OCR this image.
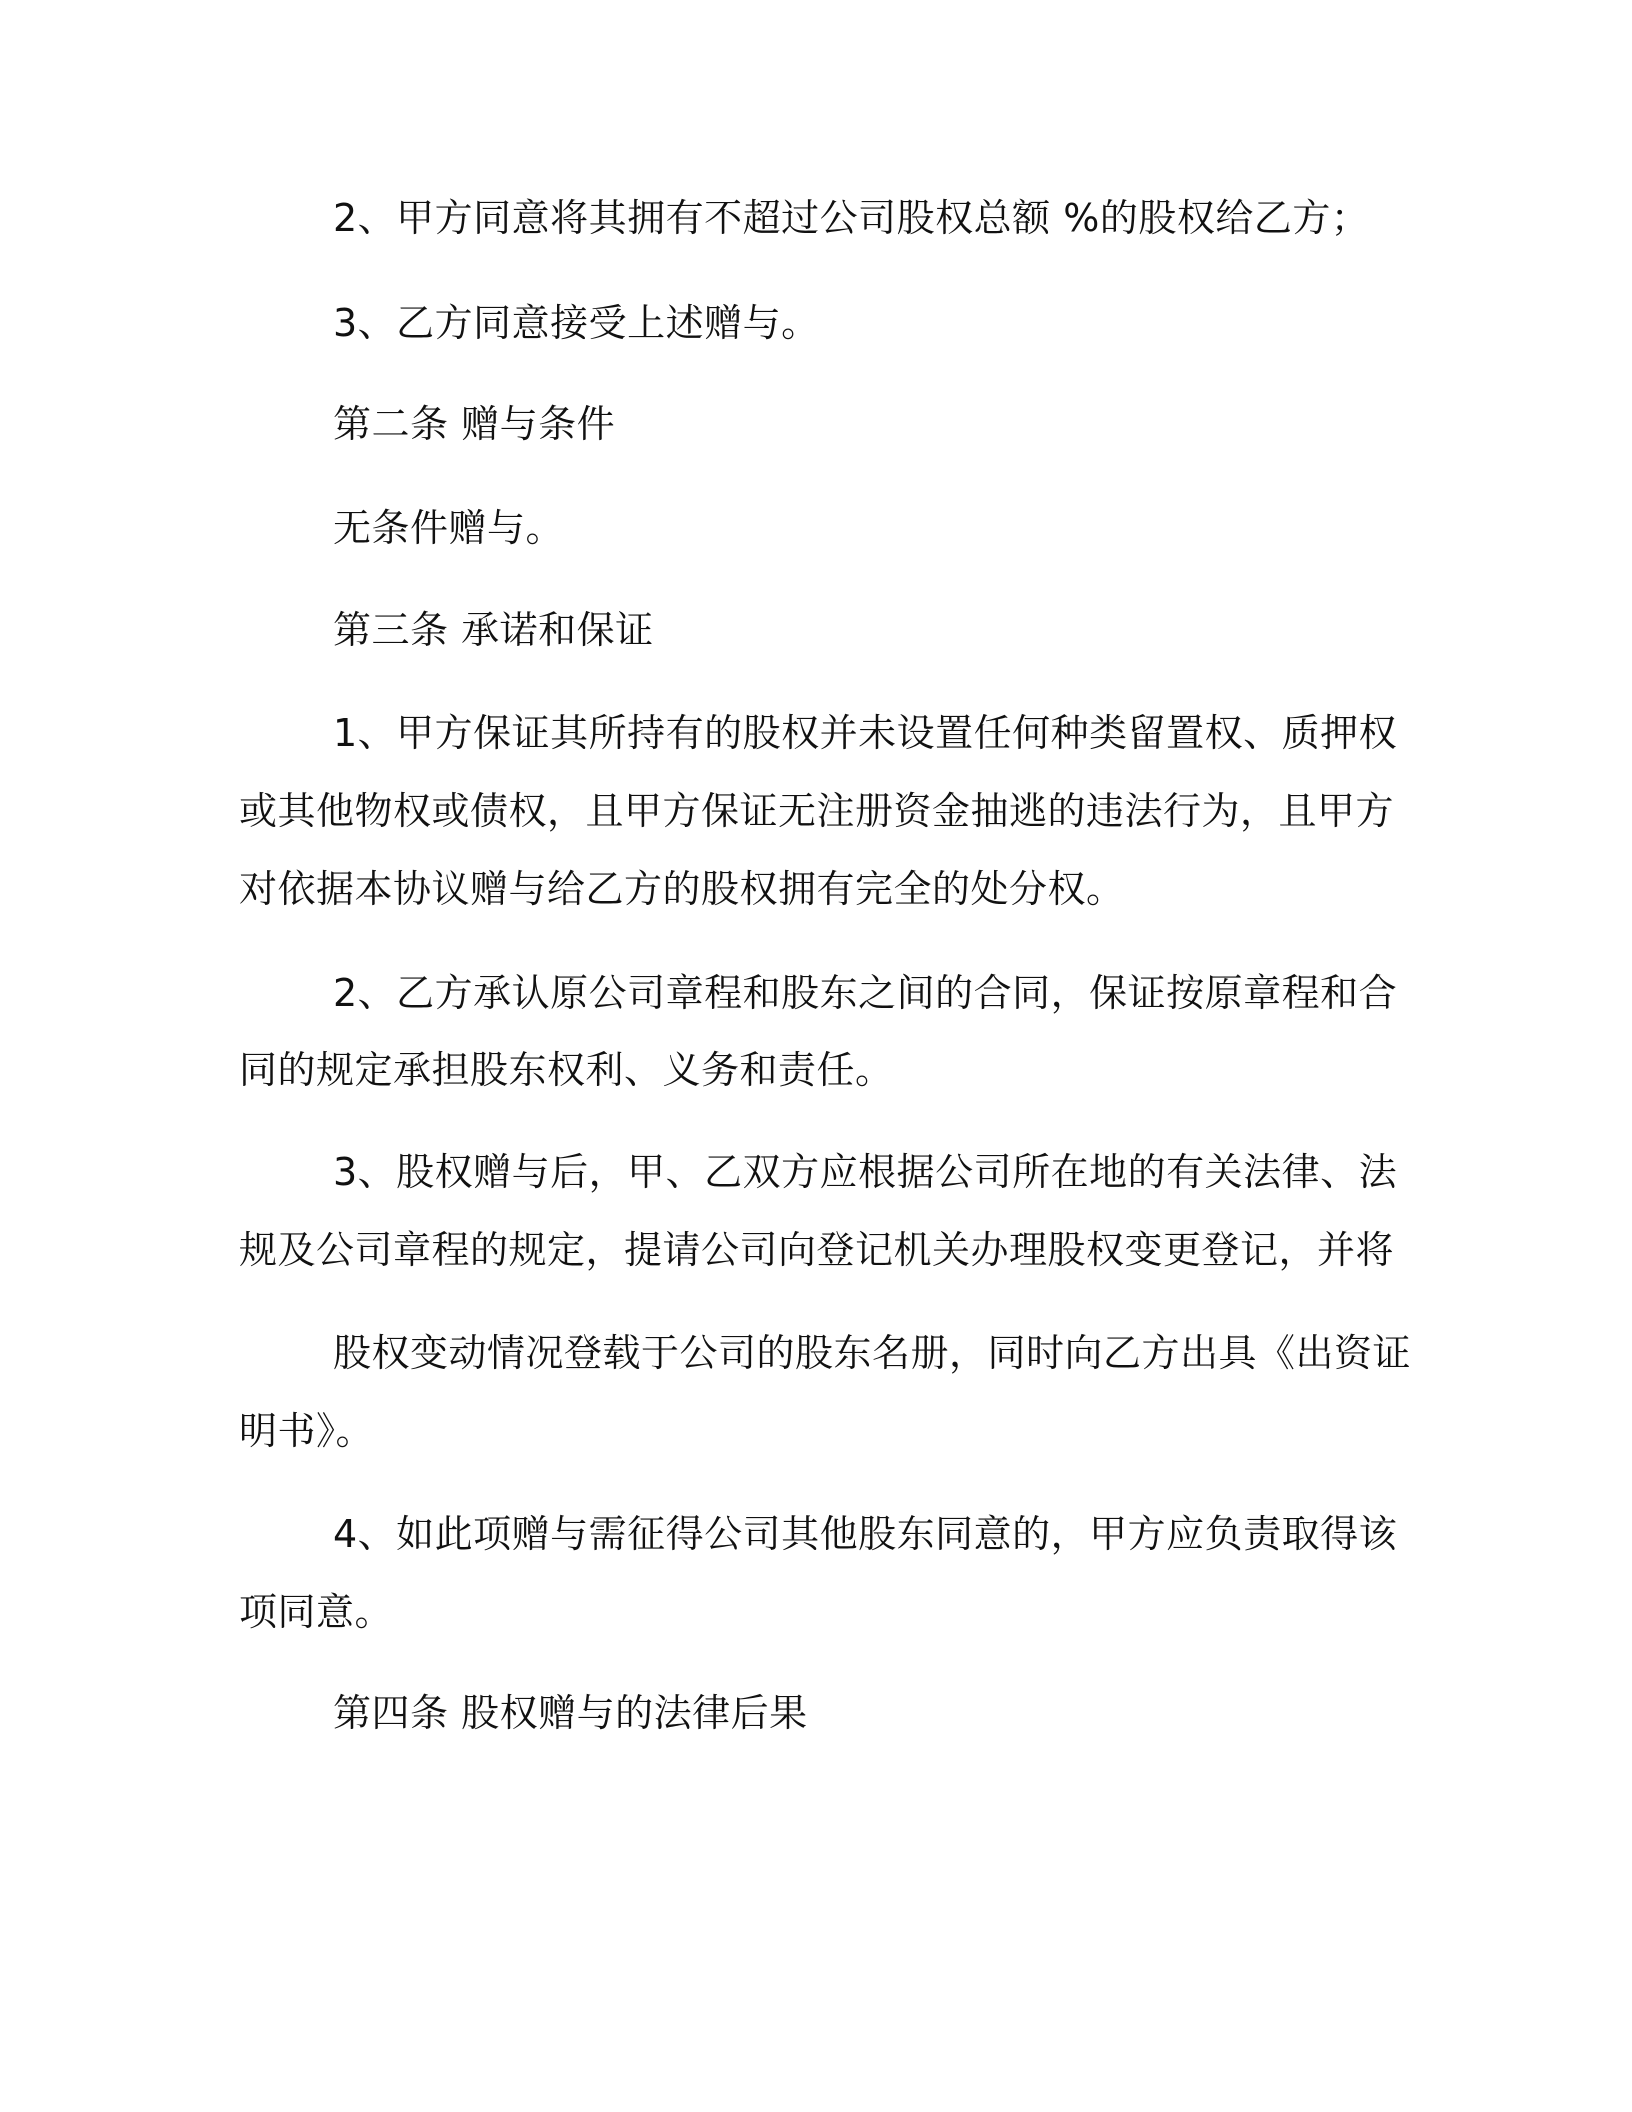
2、甲方同意将其拥有不超过公司股权总额 %的股权给乙方；
3、乙方同意接受上述赠与。
第二条 赠与条件
无条件赠与。
第三条 承诺和保证
1、甲方保证其所持有的股权并未设置任何种类留置权、质押权
或其他物权或债权，且甲方保证无注册资金抽逃的违法行为，且甲方
对依据本协议赠与给乙方的股权拥有完全的处分权。
2、乙方承认原公司章程和股东之间的合同，保证按原章程和合
同的规定承担股东权利、义务和责任。
3、股权赠与后，甲、乙双方应根据公司所在地的有关法律、法
规及公司章程的规定，提请公司向登记机关办理股权变更登记，并将
股权变动情况登载于公司的股东名册，同时向乙方出具《出资证
明书》。
4、如此项赠与需征得公司其他股东同意的，甲方应负责取得该
项同意。
第四条 股权赠与的法律后果
